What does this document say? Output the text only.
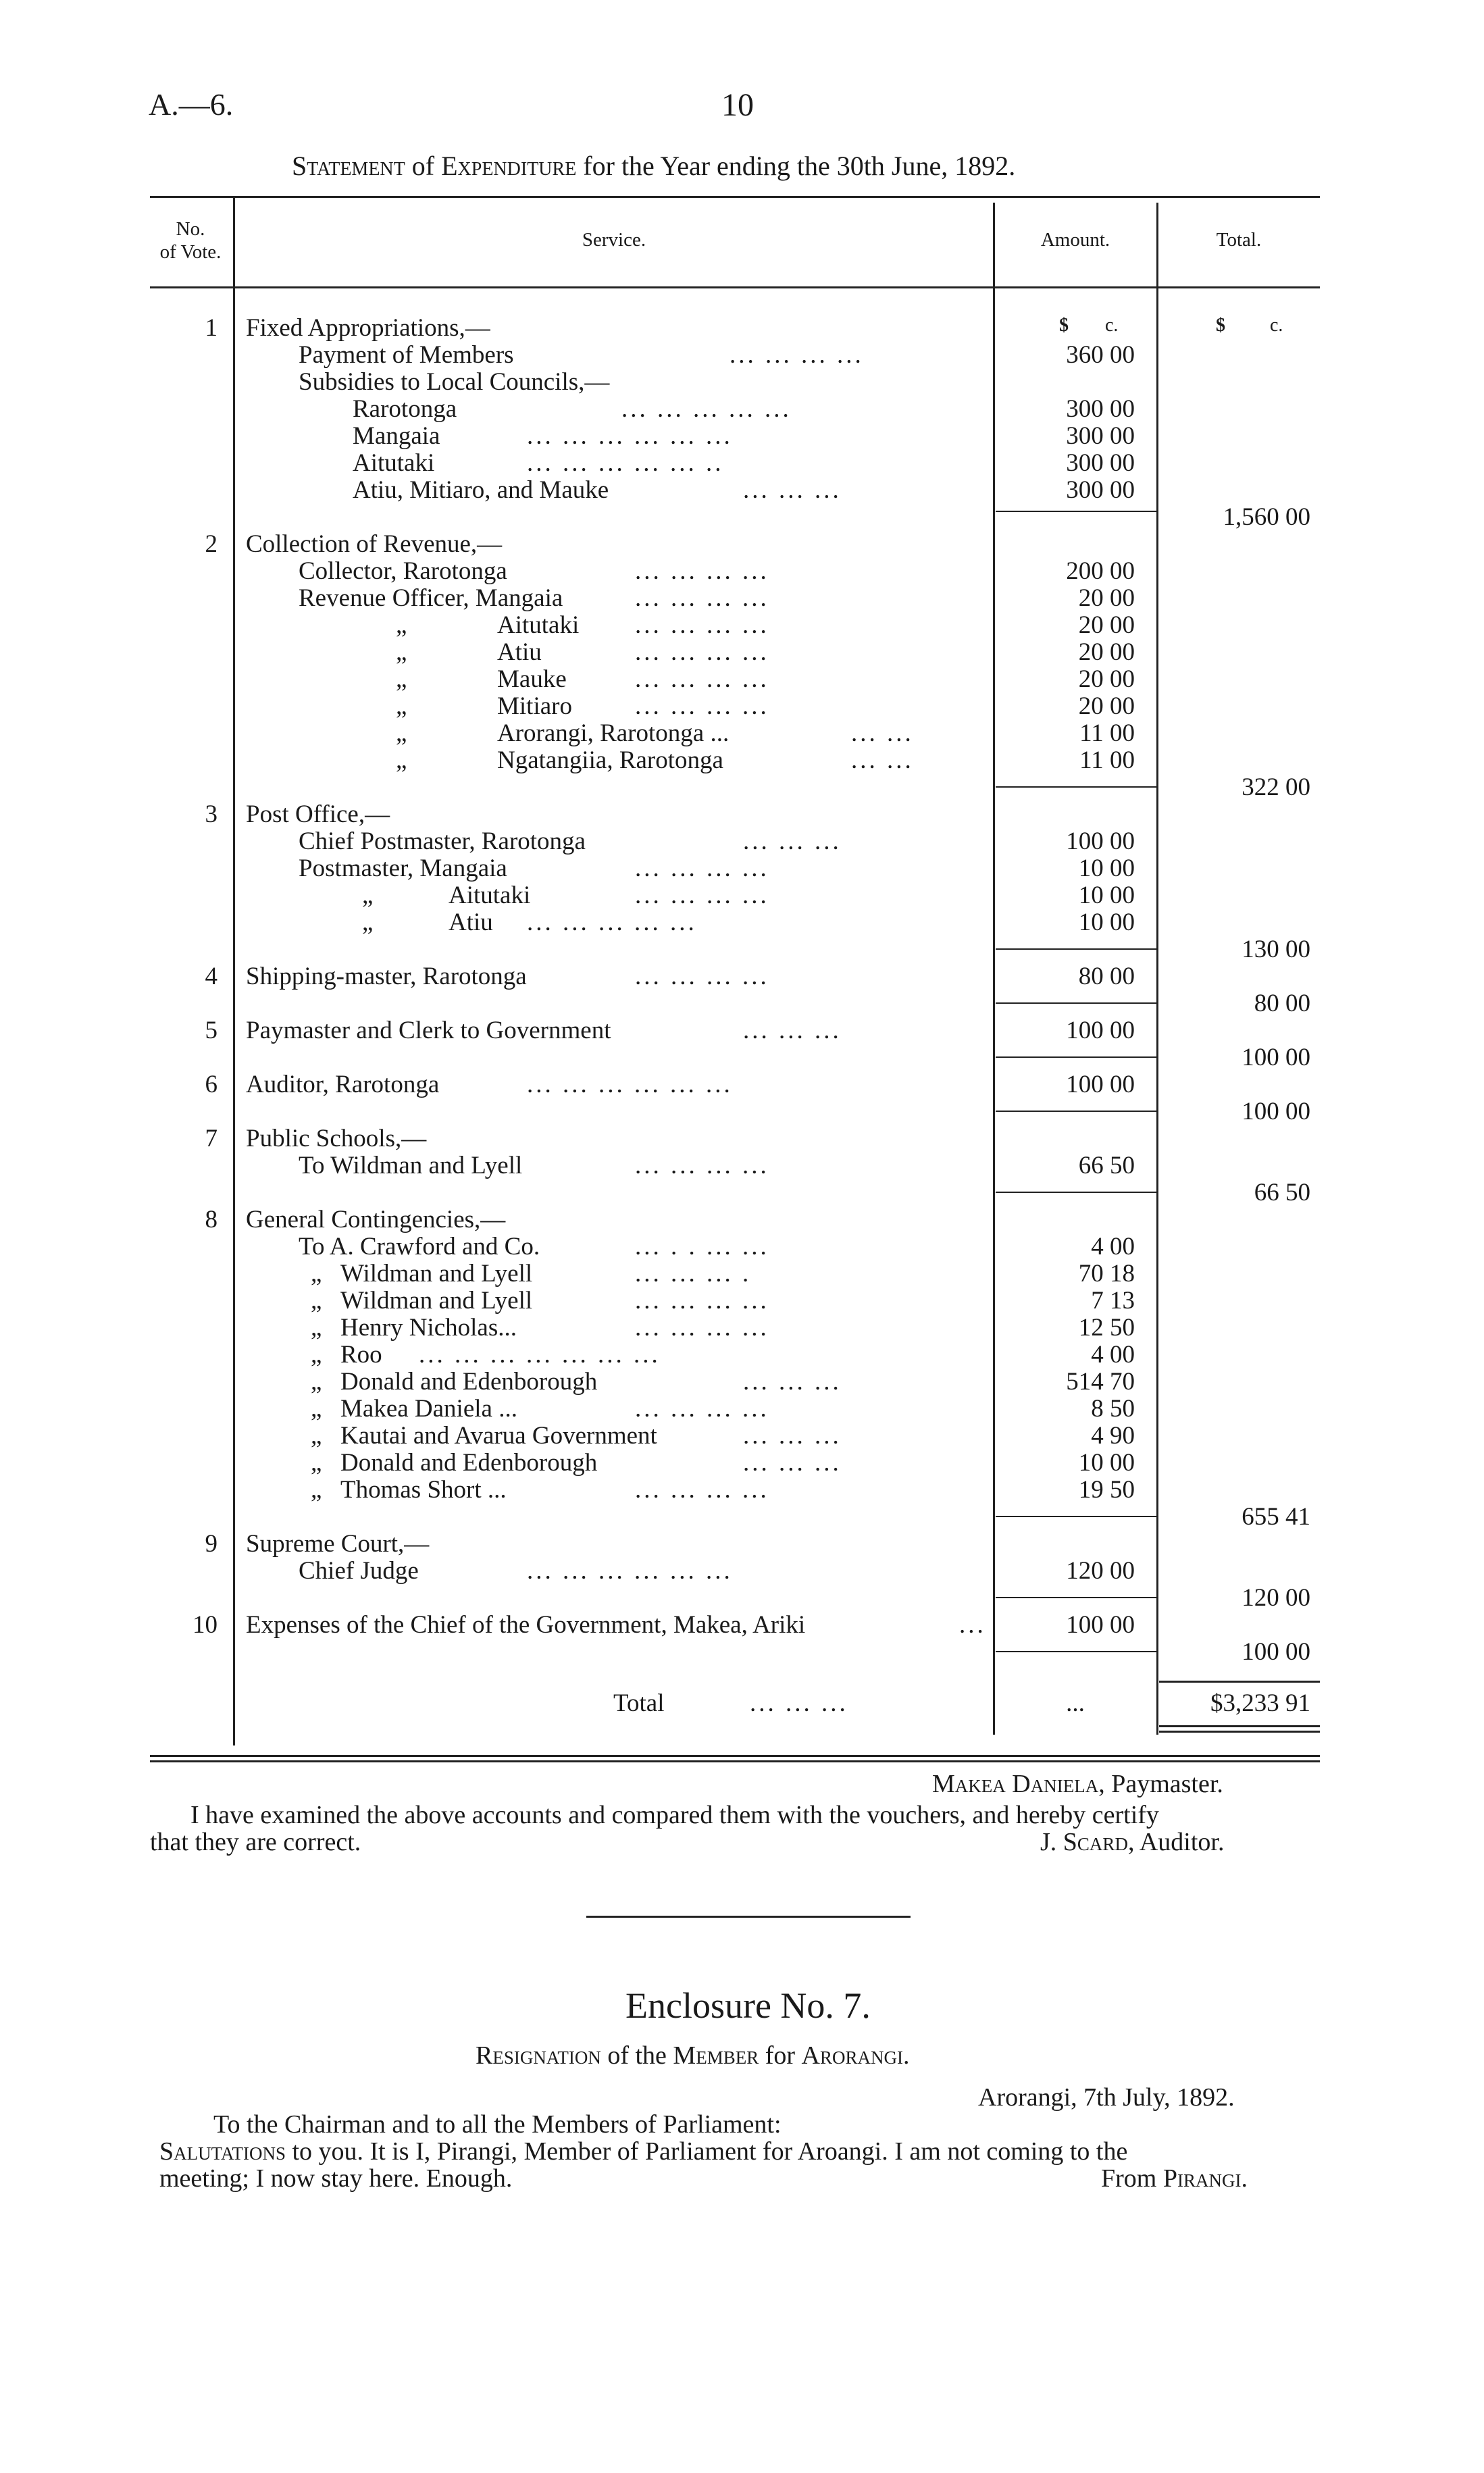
A.—6.	10
Statement of Expenditure for the Year ending the 30th June, 1892.
No.
of Vote.
Service.	Amount.	Total.
$ c.	$ c.
1 Fixed Appropriations,—
Payment of Members	... ... ... ...	360 00
Subsidies to Local Councils,—
Rarotonga	... ... ... ... ...	300 00
Mangaia	... ... ... ... ... ...	300 00
Aitutaki	... ... ... ... ... ..	300 00
Atiu, Mitiaro, and Mauke	... ... ...	300 00
1,560 00
2 Collection of Revenue,—
Collector, Rarotonga	... ... ... ...	200 00
Revenue Officer, Mangaia	... ... ... ...	20 00
„	Aitutaki ... ... ... ...	20 00
„	Atiu	... ... ... ...	20 00
„	Mauke	... ... ... ...	20 00
„	Mitiaro	... ... ... ...	20 00
„	Arorangi, Rarotonga ...	... ...	11 00
„	Ngatangiia, Rarotonga	... ...	11 00
322 00
3 Post Office,—
Chief Postmaster, Rarotonga	... ... ...	100 00
Postmaster, Mangaia	... ... ... ...	10 00
„	Aitutaki	... ... ... ...	10 00
„	Atiu ... ... ... ... ...	10 00
130 00
4 Shipping-master, Rarotonga	... ... ... ...	80 00
80 00
5 Paymaster and Clerk to Government	... ... ...	100 00
100 00
6 Auditor, Rarotonga	... ... ... ... ... ...	100 00
100 00
7 Public Schools,—
To Wildman and Lyell	... ... ... ...	66 50
66 50
8 General Contingencies,—
To A. Crawford and Co.	... . . ... ...	4 00
„ Wildman and Lyell	... ... ... .	70 18
„ Wildman and Lyell	... ... ... ...	7 13
„ Henry Nicholas...	... ... ... ...	12 50
„ Roo ... ... ... ... ... ... ...	4 00
„ Donald and Edenborough	... ... ...	514 70
„ Makea Daniela ...	... ... ... ...	8 50
„ Kautai and Avarua Government	... ... ...	4 90
„ Donald and Edenborough	... ... ...	10 00
„ Thomas Short ...	... ... ... ...	19 50
655 41
9 Supreme Court,—
Chief Judge	... ... ... ... ... ...	120 00
120 00
10 Expenses of the Chief of the Government, Makea, Ariki	...	100 00
100 00
Total	... ... ...	...	$3,233 91
Makea Daniela, Paymaster.
I have examined the above accounts and compared them with the vouchers, and hereby certify
that they are correct.	J. Scard, Auditor.
Enclosure No. 7.
Resignation of the Member for Arorangi.
Arorangi, 7th July, 1892.
To the Chairman and to all the Members of Parliament:
Salutations to you. It is I, Pirangi, Member of Parliament for Aroangi. I am not coming to the
meeting; I now stay here. Enough.	From Pirangi.
